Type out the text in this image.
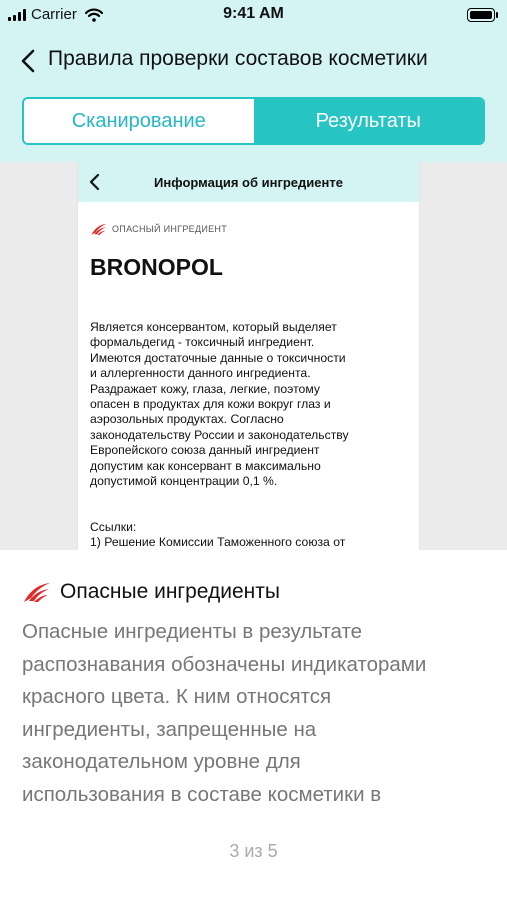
Carrier	9:41 AM
Правила проверки составов косметики
Сканирование	Результаты
Информация об ингредиенте
ОПАСНЫЙ ИНГРЕДИЕНТ
BRONOPOL
Является консервантом, который выделяет
формальдегид - токсичный ингредиент.
Имеются достаточные данные о токсичности
и аллергенности данного ингредиента.
Раздражает кожу, глаза, легкие, поэтому
опасен в продуктах для кожи вокруг глаз и
аэрозольных продуктах. Согласно
законодательству России и законодательству
Европейского союза данный ингредиент
допустим как консервант в максимально
допустимой концентрации 0,1 %.
Ссылки:
1) Решение Комиссии Таможенного союза от
Опасные ингредиенты
Опасные ингредиенты в результате
распознавания обозначены индикаторами
красного цвета. К ним относятся
ингредиенты, запрещенные на
законодательном уровне для
использования в составе косметики в
3 из 5
